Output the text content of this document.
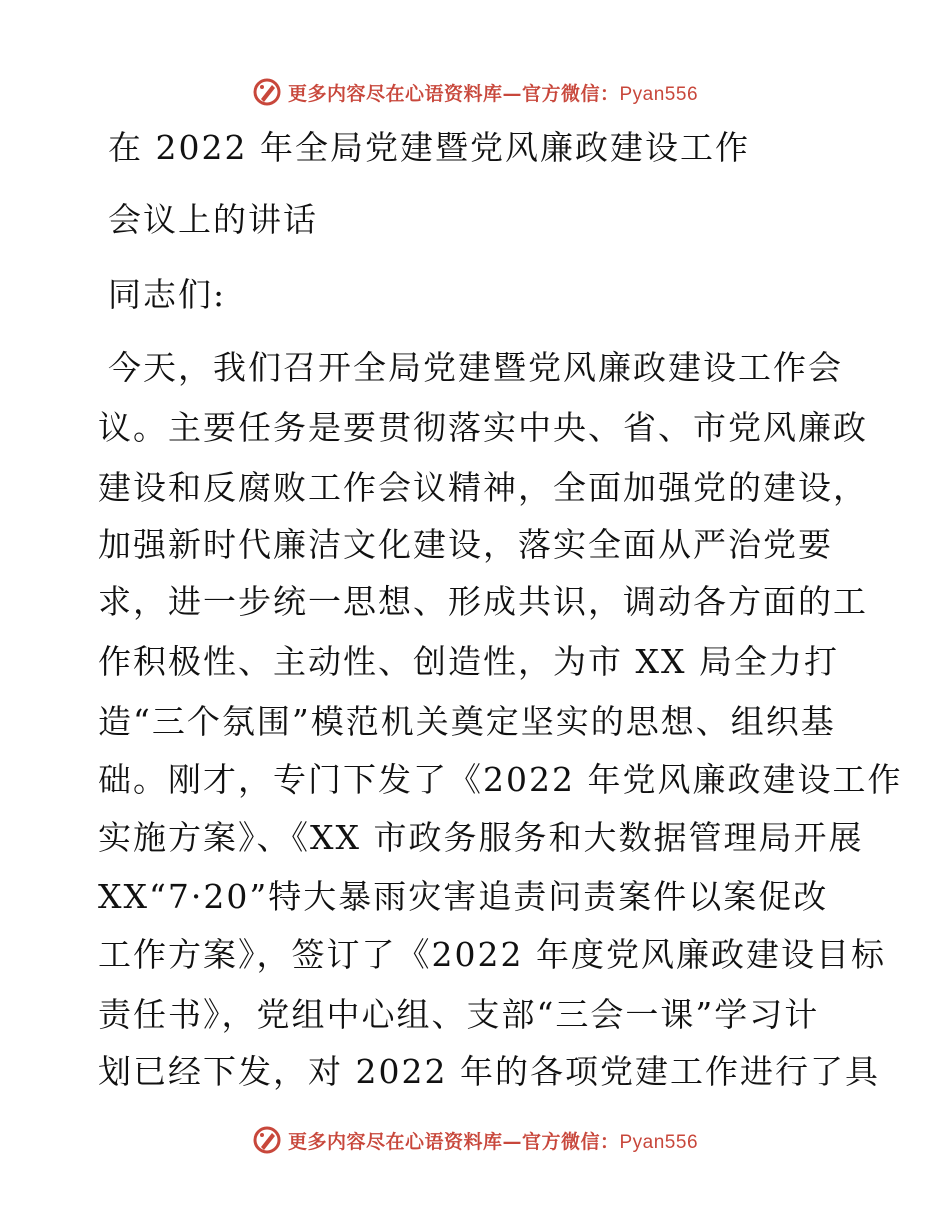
更多内容尽在心语资料库—官方微信：Pyan556
在 2022 年全局党建暨党风廉政建设工作
会议上的讲话
同志们:
今天，我们召开全局党建暨党风廉政建设工作会
议。主要任务是要贯彻落实中央、省、市党风廉政
建设和反腐败工作会议精神，全面加强党的建设，
加强新时代廉洁文化建设，落实全面从严治党要
求，进一步统一思想、形成共识，调动各方面的工
作积极性、主动性、创造性，为市 XX 局全力打
造“三个氛围”模范机关奠定坚实的思想、组织基
础。刚才，专门下发了《2022 年党风廉政建设工作
实施方案》、《XX 市政务服务和大数据管理局开展
XX“7·20”特大暴雨灾害追责问责案件以案促改
工作方案》，签订了《2022 年度党风廉政建设目标
责任书》，党组中心组、支部“三会一课”学习计
划已经下发，对 2022 年的各项党建工作进行了具
更多内容尽在心语资料库—官方微信：Pyan556
